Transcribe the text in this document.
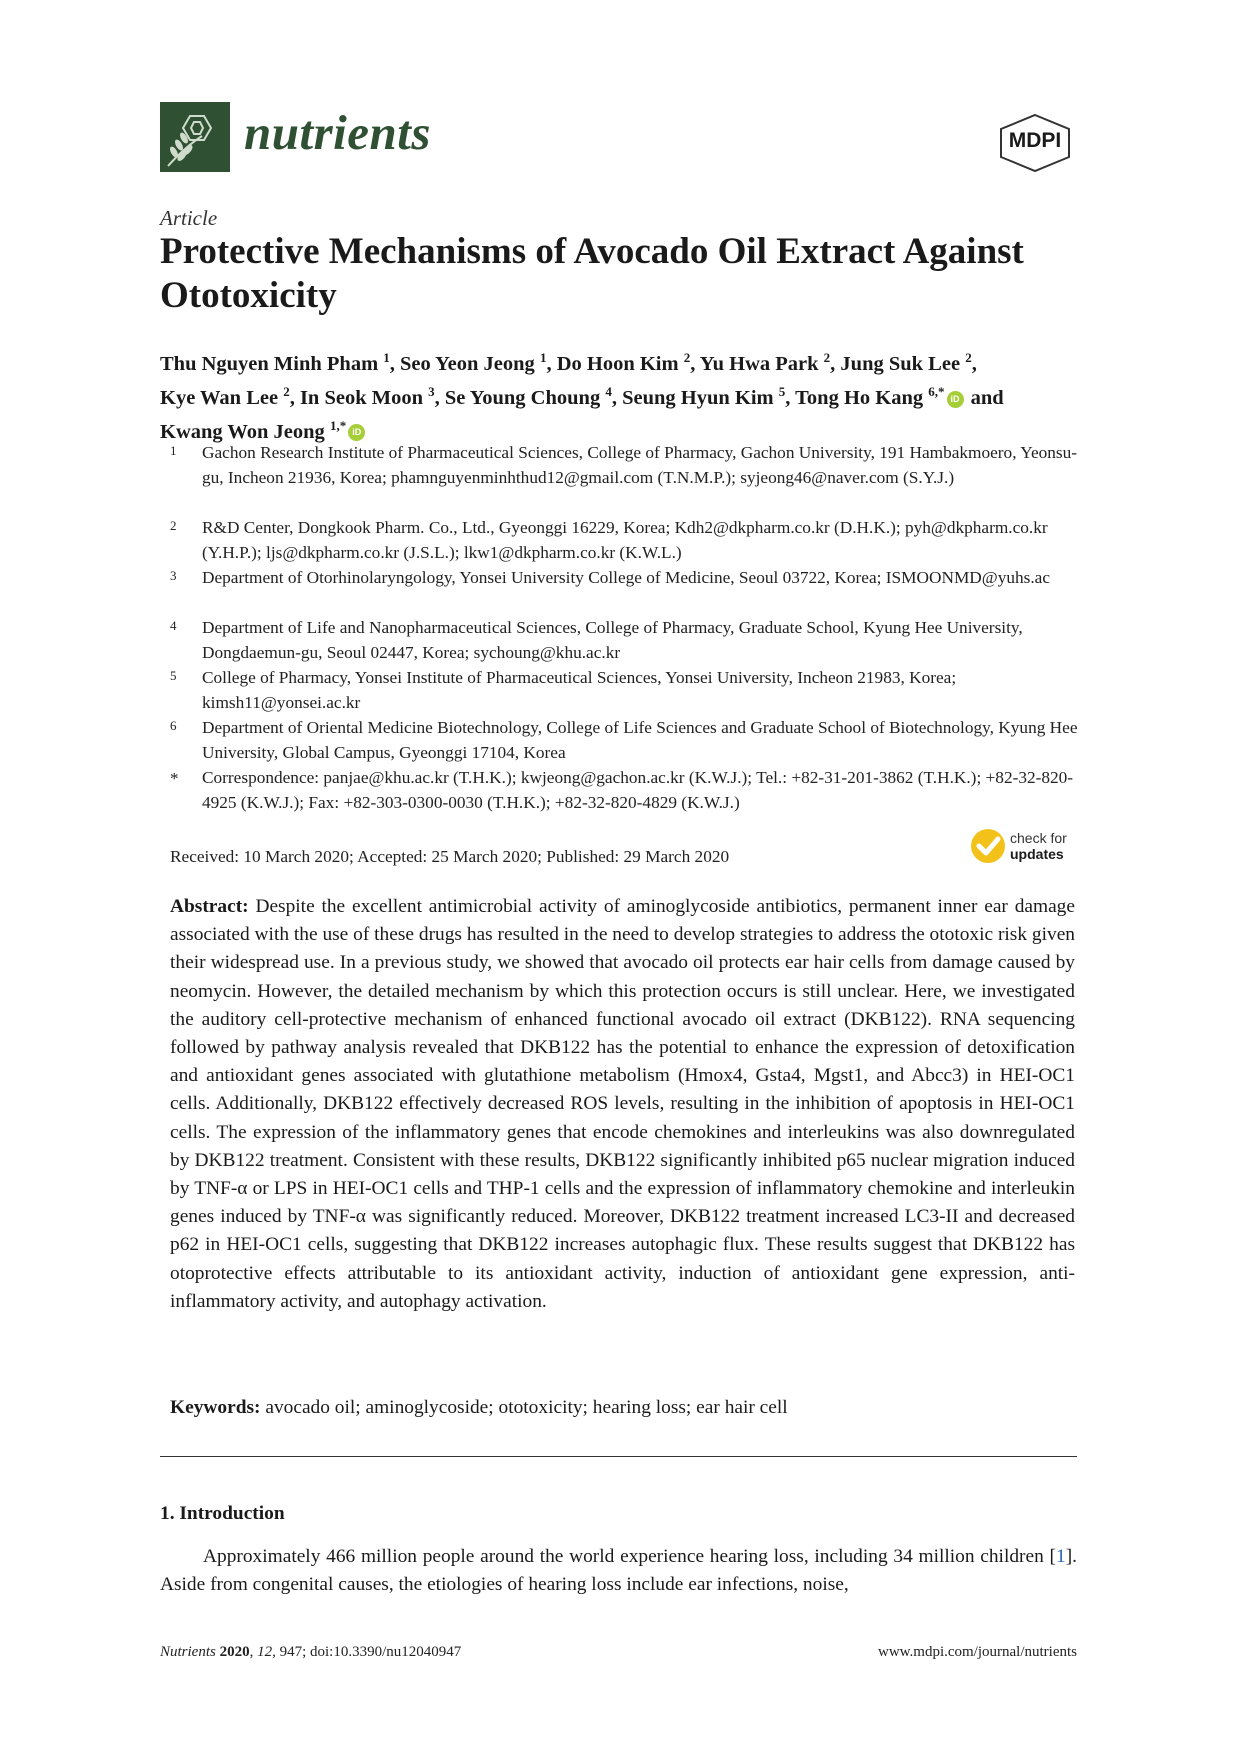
nutrients	MDPI
Article
Protective Mechanisms of Avocado Oil Extract Against Ototoxicity
Thu Nguyen Minh Pham $^1$, Seo Yeon Jeong $^1$, Do Hoon Kim $^2$, Yu Hwa Park $^2$, Jung Suk Lee $^2$,
Kye Wan Lee $^2$, In Seok Moon $^3$, Se Young Choung $^4$, Seung Hyun Kim $^5$, Tong Ho Kang $^{6,*}$ iD and
Kwang Won Jeong $^{1,*}$ iD
1 Gachon Research Institute of Pharmaceutical Sciences, College of Pharmacy, Gachon University, 191 Hambakmoero, Yeonsu-gu, Incheon 21936, Korea; phamnguyenminhthud12@gmail.com (T.N.M.P.); syjeong46@naver.com (S.Y.J.)
2 R&D Center, Dongkook Pharm. Co., Ltd., Gyeonggi 16229, Korea; Kdh2@dkpharm.co.kr (D.H.K.); pyh@dkpharm.co.kr (Y.H.P.); ljs@dkpharm.co.kr (J.S.L.); lkw1@dkpharm.co.kr (K.W.L.)
3 Department of Otorhinolaryngology, Yonsei University College of Medicine, Seoul 03722, Korea; ISMOONMD@yuhs.ac
4 Department of Life and Nanopharmaceutical Sciences, College of Pharmacy, Graduate School, Kyung Hee University, Dongdaemun-gu, Seoul 02447, Korea; sychoung@khu.ac.kr
5 College of Pharmacy, Yonsei Institute of Pharmaceutical Sciences, Yonsei University, Incheon 21983, Korea; kimsh11@yonsei.ac.kr
6 Department of Oriental Medicine Biotechnology, College of Life Sciences and Graduate School of Biotechnology, Kyung Hee University, Global Campus, Gyeonggi 17104, Korea
* Correspondence: panjae@khu.ac.kr (T.H.K.); kwjeong@gachon.ac.kr (K.W.J.); Tel.: +82-31-201-3862 (T.H.K.); +82-32-820-4925 (K.W.J.); Fax: +82-303-0300-0030 (T.H.K.); +82-32-820-4829 (K.W.J.)
Received: 10 March 2020; Accepted: 25 March 2020; Published: 29 March 2020
check for
updates
Abstract: Despite the excellent antimicrobial activity of aminoglycoside antibiotics, permanent inner ear damage associated with the use of these drugs has resulted in the need to develop strategies to address the ototoxic risk given their widespread use. In a previous study, we showed that avocado oil protects ear hair cells from damage caused by neomycin. However, the detailed mechanism by which this protection occurs is still unclear. Here, we investigated the auditory cell-protective mechanism of enhanced functional avocado oil extract (DKB122). RNA sequencing followed by pathway analysis revealed that DKB122 has the potential to enhance the expression of detoxification and antioxidant genes associated with glutathione metabolism (Hmox4, Gsta4, Mgst1, and Abcc3) in HEI-OC1 cells. Additionally, DKB122 effectively decreased ROS levels, resulting in the inhibition of apoptosis in HEI-OC1 cells. The expression of the inflammatory genes that encode chemokines and interleukins was also downregulated by DKB122 treatment. Consistent with these results, DKB122 significantly inhibited p65 nuclear migration induced by TNF-α or LPS in HEI-OC1 cells and THP-1 cells and the expression of inflammatory chemokine and interleukin genes induced by TNF-α was significantly reduced. Moreover, DKB122 treatment increased LC3-II and decreased p62 in HEI-OC1 cells, suggesting that DKB122 increases autophagic flux. These results suggest that DKB122 has otoprotective effects attributable to its antioxidant activity, induction of antioxidant gene expression, anti-inflammatory activity, and autophagy activation.
Keywords: avocado oil; aminoglycoside; ototoxicity; hearing loss; ear hair cell
1. Introduction
Approximately 466 million people around the world experience hearing loss, including 34 million children [1]. Aside from congenital causes, the etiologies of hearing loss include ear infections, noise,
Nutrients 2020, 12, 947; doi:10.3390/nu12040947	www.mdpi.com/journal/nutrients
